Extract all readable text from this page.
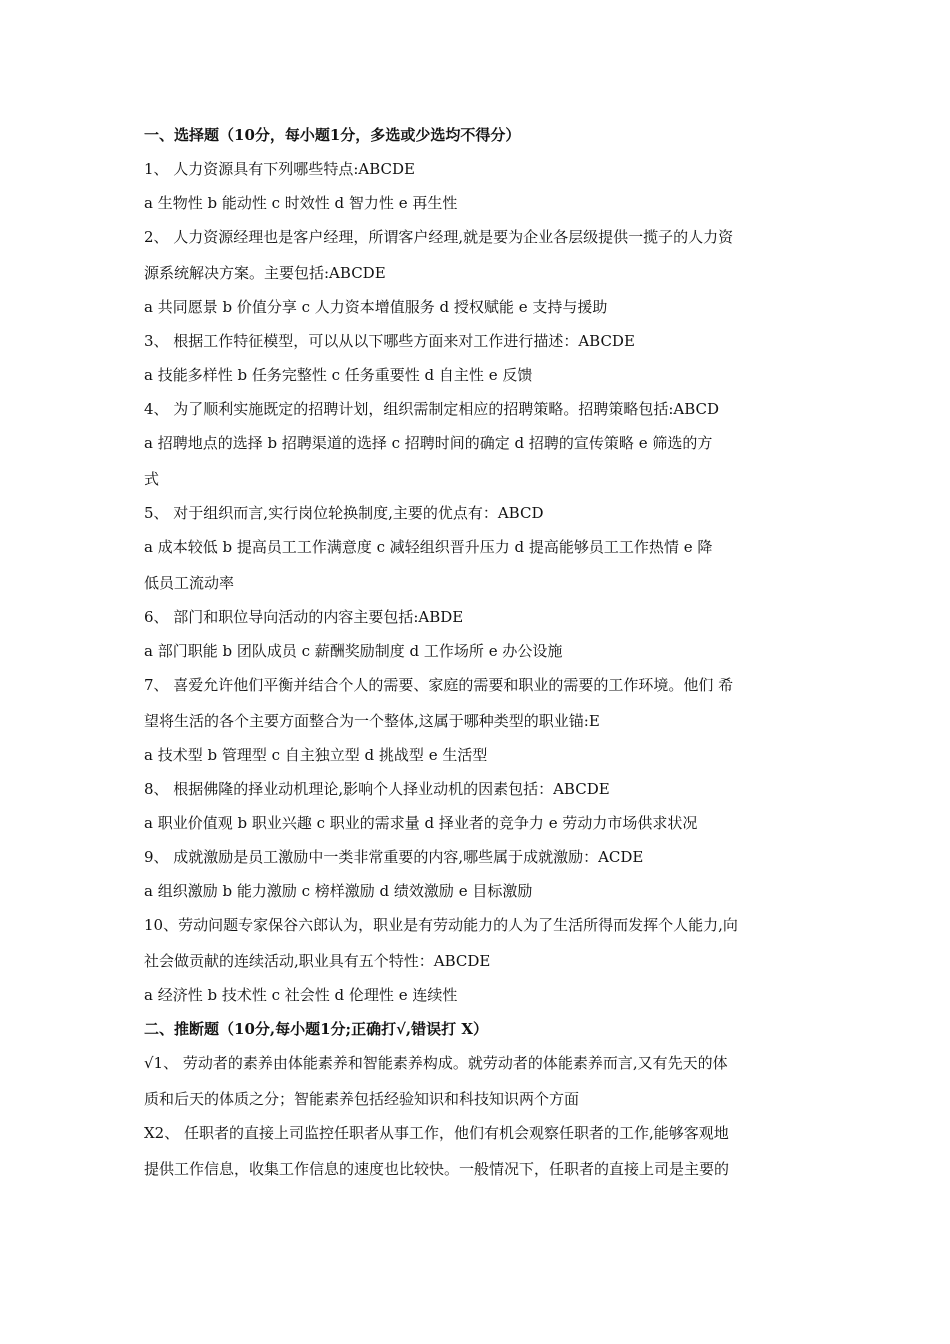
一、选择题（10分，每小题1分，多选或少选均不得分）

1、 人力资源具有下列哪些特点:ABCDE

a 生物性 b 能动性 c 时效性 d 智力性 e 再生性

2、 人力资源经理也是客户经理，所谓客户经理,就是要为企业各层级提供一揽子的人力资

源系统解决方案。主要包括:ABCDE

a 共同愿景 b 价值分享 c 人力资本增值服务 d 授权赋能 e 支持与援助

3、 根据工作特征模型，可以从以下哪些方面来对工作进行描述：ABCDE

a 技能多样性 b 任务完整性 c 任务重要性 d 自主性 e 反馈

4、 为了顺利实施既定的招聘计划，组织需制定相应的招聘策略。招聘策略包括:ABCD

a 招聘地点的选择 b 招聘渠道的选择 c 招聘时间的确定 d 招聘的宣传策略 e 筛选的方

式

5、 对于组织而言,实行岗位轮换制度,主要的优点有：ABCD

a 成本较低 b 提高员工工作满意度 c 减轻组织晋升压力 d 提高能够员工工作热情 e 降

低员工流动率

6、 部门和职位导向活动的内容主要包括:ABDE

a 部门职能 b 团队成员 c 薪酬奖励制度 d 工作场所 e 办公设施

7、 喜爱允许他们平衡并结合个人的需要、家庭的需要和职业的需要的工作环境。他们 希

望将生活的各个主要方面整合为一个整体,这属于哪种类型的职业锚:E

a 技术型 b 管理型 c 自主独立型 d 挑战型 e 生活型

8、 根据佛隆的择业动机理论,影响个人择业动机的因素包括：ABCDE

a 职业价值观 b 职业兴趣 c 职业的需求量 d 择业者的竞争力 e 劳动力市场供求状况

9、 成就激励是员工激励中一类非常重要的内容,哪些属于成就激励：ACDE

a 组织激励 b 能力激励 c 榜样激励 d 绩效激励 e 目标激励

10、劳动问题专家保谷六郎认为，职业是有劳动能力的人为了生活所得而发挥个人能力,向

社会做贡献的连续活动,职业具有五个特性：ABCDE

a 经济性 b 技术性 c 社会性 d 伦理性 e 连续性

二、推断题（10分,每小题1分;正确打√,错误打 X）

√1、 劳动者的素养由体能素养和智能素养构成。就劳动者的体能素养而言,又有先天的体

质和后天的体质之分；智能素养包括经验知识和科技知识两个方面

X2、 任职者的直接上司监控任职者从事工作，他们有机会观察任职者的工作,能够客观地

提供工作信息，收集工作信息的速度也比较快。一般情况下，任职者的直接上司是主要的
